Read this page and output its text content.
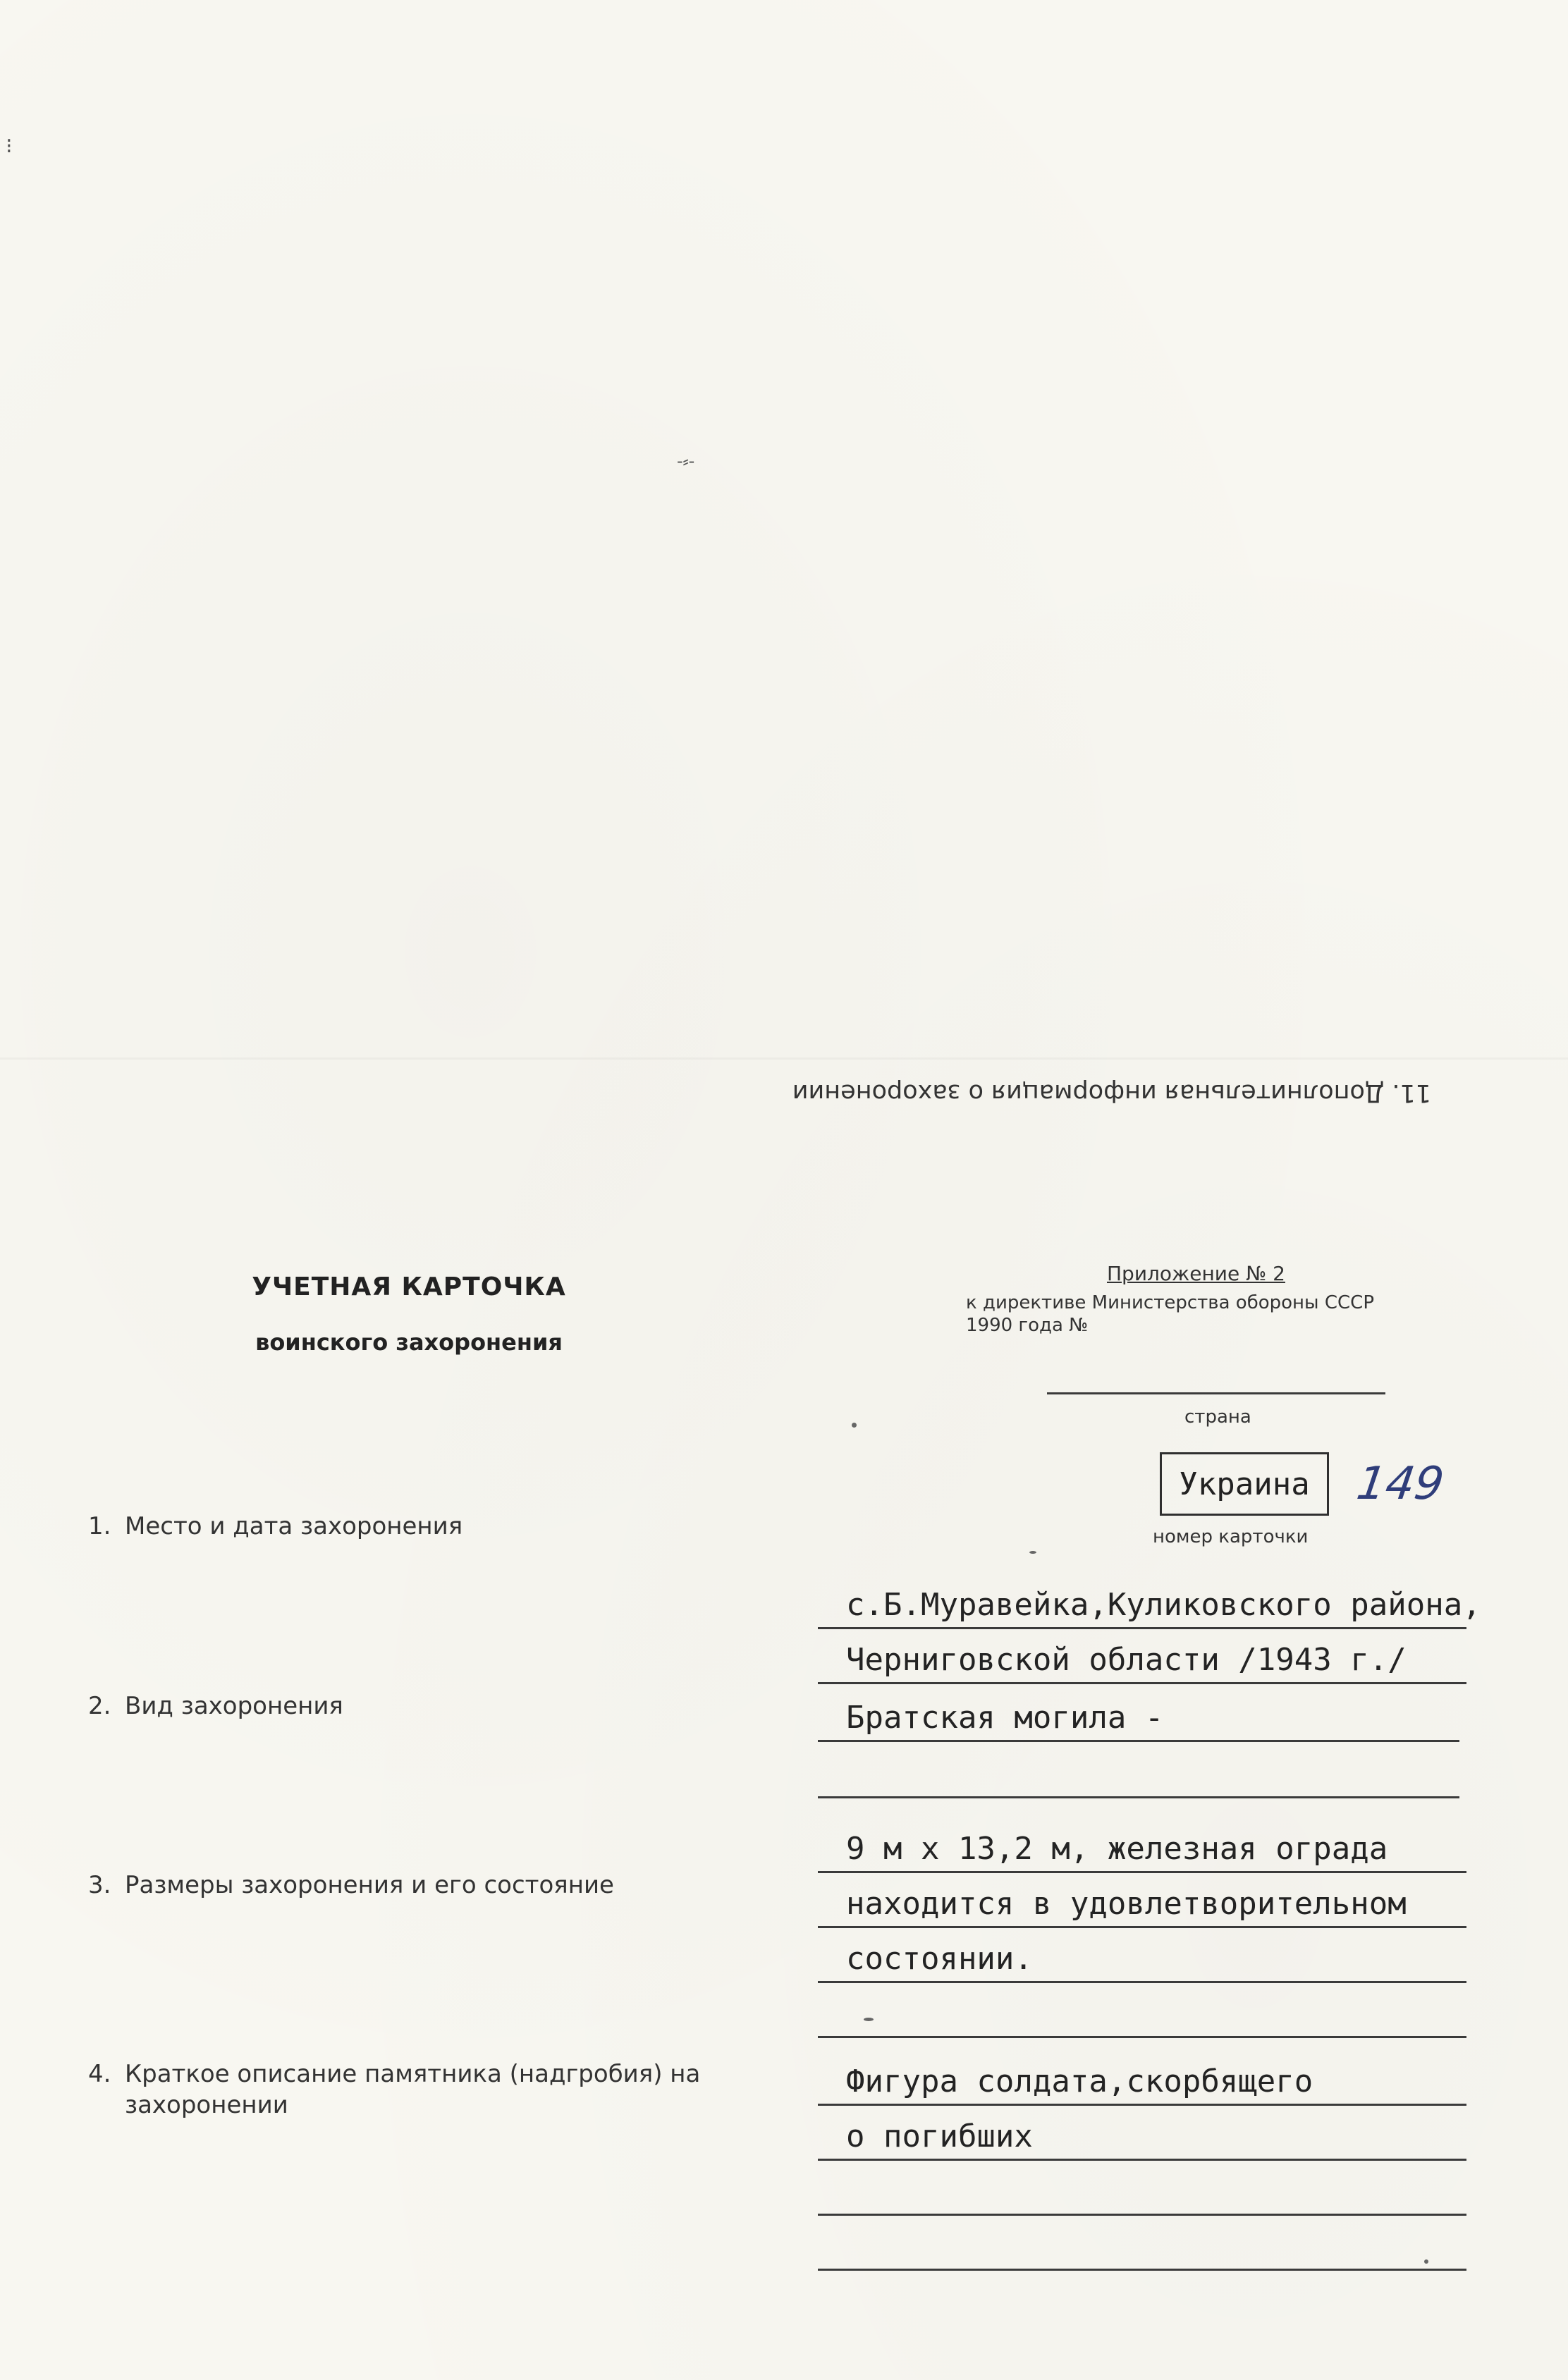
⁝
-⸗-
11. Дополнительная информация о захоронении
УЧЕТНАЯ КАРТОЧКА
воинского захоронения
Приложение № 2
к директиве Министерства обороны СССР
1990 года №
страна
Украина 149
номер карточки
1. Место и дата захоронения
с.Б.Муравейка,Куликовского района,
Черниговской области /1943 г./
2. Вид захоронения	Братская могила -
3. Размеры захоронения и его состояние
9 м х 13,2 м, железная ограда
находится в удовлетворительном
состоянии.
4. Краткое описание памятника (надгробия) на
захоронении
Фигура солдата,скорбящего
о погибших
